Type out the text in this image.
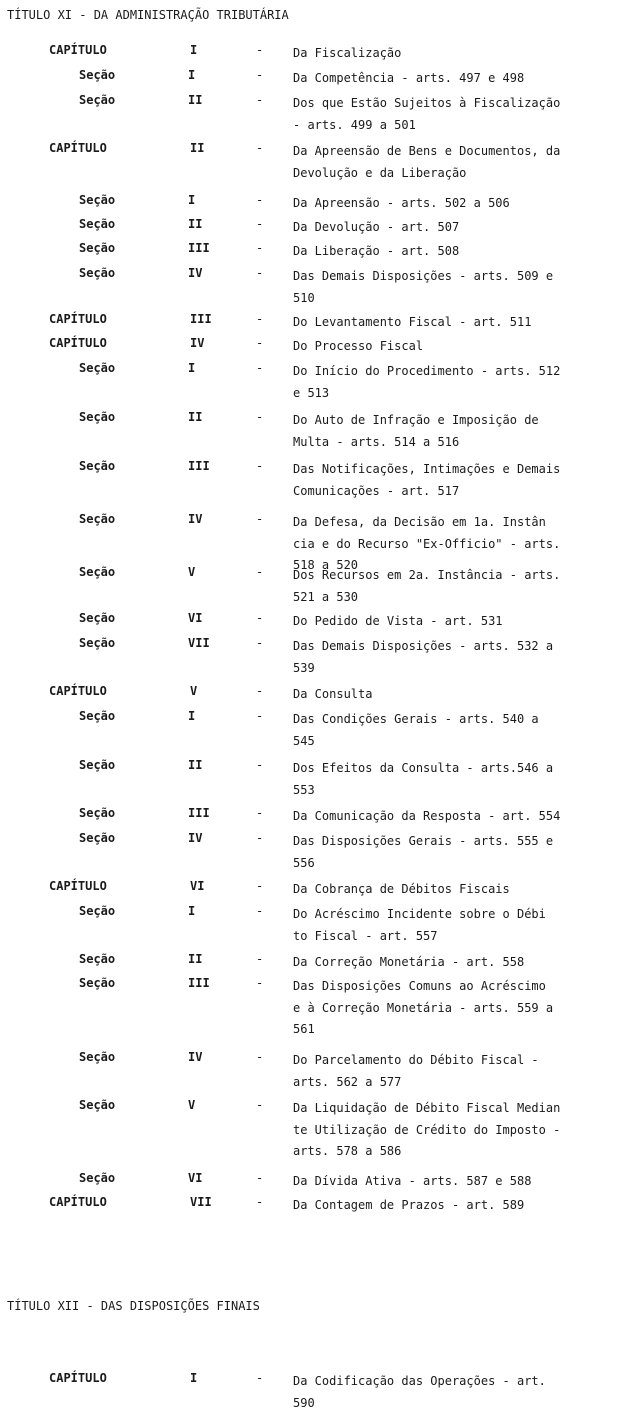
TÍTULO XI - DA ADMINISTRAÇÃO TRIBUTÁRIA
CAPÍTULO	I	- Da Fiscalização
Seção	I	- Da Competência - arts. 497 e 498
Seção	II	- Dos que Estão Sujeitos à Fiscalização
- arts. 499 a 501
CAPÍTULO	II	- Da Apreensão de Bens e Documentos, da
Devolução e da Liberação
Seção	I	- Da Apreensão - arts. 502 a 506
Seção	II	- Da Devolução - art. 507
Seção	III	- Da Liberação - art. 508
Seção	IV	- Das Demais Disposições - arts. 509 e
510
CAPÍTULO	III	- Do Levantamento Fiscal - art. 511
CAPÍTULO	IV	- Do Processo Fiscal
Seção	I	- Do Início do Procedimento - arts. 512
e 513
Seção	II	- Do Auto de Infração e Imposição de
Multa - arts. 514 a 516
Seção	III	- Das Notificações, Intimações e Demais
Comunicações - art. 517
Seção	IV	- Da Defesa, da Decisão em 1a. Instân
cia e do Recurso "Ex-Officio" - arts.
518 a 520
Seção	V	- Dos Recursos em 2a. Instância - arts.
521 a 530
Seção	VI	- Do Pedido de Vista - art. 531
Seção	VII	- Das Demais Disposições - arts. 532 a
539
CAPÍTULO	V	- Da Consulta
Seção	I	- Das Condições Gerais - arts. 540 a
545
Seção	II	- Dos Efeitos da Consulta - arts.546 a
553
Seção	III	- Da Comunicação da Resposta - art. 554
Seção	IV	- Das Disposições Gerais - arts. 555 e
556
CAPÍTULO	VI	- Da Cobrança de Débitos Fiscais
Seção	I	- Do Acréscimo Incidente sobre o Débi
to Fiscal - art. 557
Seção	II	- Da Correção Monetária - art. 558
Seção	III	- Das Disposições Comuns ao Acréscimo
e à Correção Monetária - arts. 559 a
561
Seção	IV	- Do Parcelamento do Débito Fiscal -
arts. 562 a 577
Seção	V	- Da Liquidação de Débito Fiscal Median
te Utilização de Crédito do Imposto -
arts. 578 a 586
Seção	VI	- Da Dívida Ativa - arts. 587 e 588
CAPÍTULO	VII	- Da Contagem de Prazos - art. 589
CAPÍTULO	I	- Da Codificação das Operações - art.
590
TÍTULO XII - DAS DISPOSIÇÕES FINAIS
